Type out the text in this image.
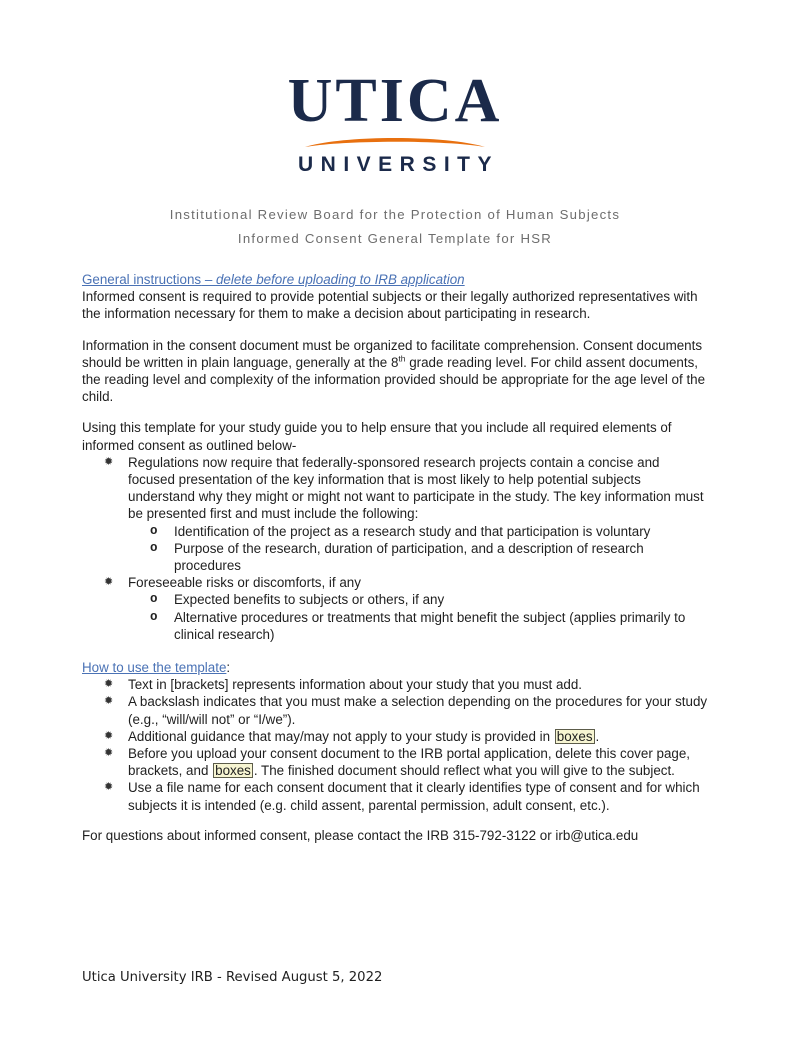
UTICA
UNIVERSITY
Institutional Review Board for the Protection of Human Subjects
Informed Consent General Template for HSR

General instructions – delete before uploading to IRB application

Informed consent is required to provide potential subjects or their legally authorized representatives with the information necessary for them to make a decision about participating in research.

Information in the consent document must be organized to facilitate comprehension. Consent documents should be written in plain language, generally at the 8th grade reading level. For child assent documents, the reading level and complexity of the information provided should be appropriate for the age level of the child.

Using this template for your study guide you to help ensure that you include all required elements of informed consent as outlined below-

✹ Regulations now require that federally-sponsored research projects contain a concise and focused presentation of the key information that is most likely to help potential subjects understand why they might or might not want to participate in the study. The key information must be presented first and must include the following:
o Identification of the project as a research study and that participation is voluntary
o Purpose of the research, duration of participation, and a description of research procedures
✹ Foreseeable risks or discomforts, if any
o Expected benefits to subjects or others, if any
o Alternative procedures or treatments that might benefit the subject (applies primarily to clinical research)

How to use the template:

✹ Text in [brackets] represents information about your study that you must add.
✹ A backslash indicates that you must make a selection depending on the procedures for your study (e.g., “will/will not” or “I/we”).
✹ Additional guidance that may/may not apply to your study is provided in boxes .
✹ Before you upload your consent document to the IRB portal application, delete this cover page, brackets, and boxes . The finished document should reflect what you will give to the subject.
✹ Use a file name for each consent document that it clearly identifies type of consent and for which subjects it is intended (e.g. child assent, parental permission, adult consent, etc.).

For questions about informed consent, please contact the IRB 315-792-3122 or irb@utica.edu

Utica University IRB - Revised August 5, 2022
